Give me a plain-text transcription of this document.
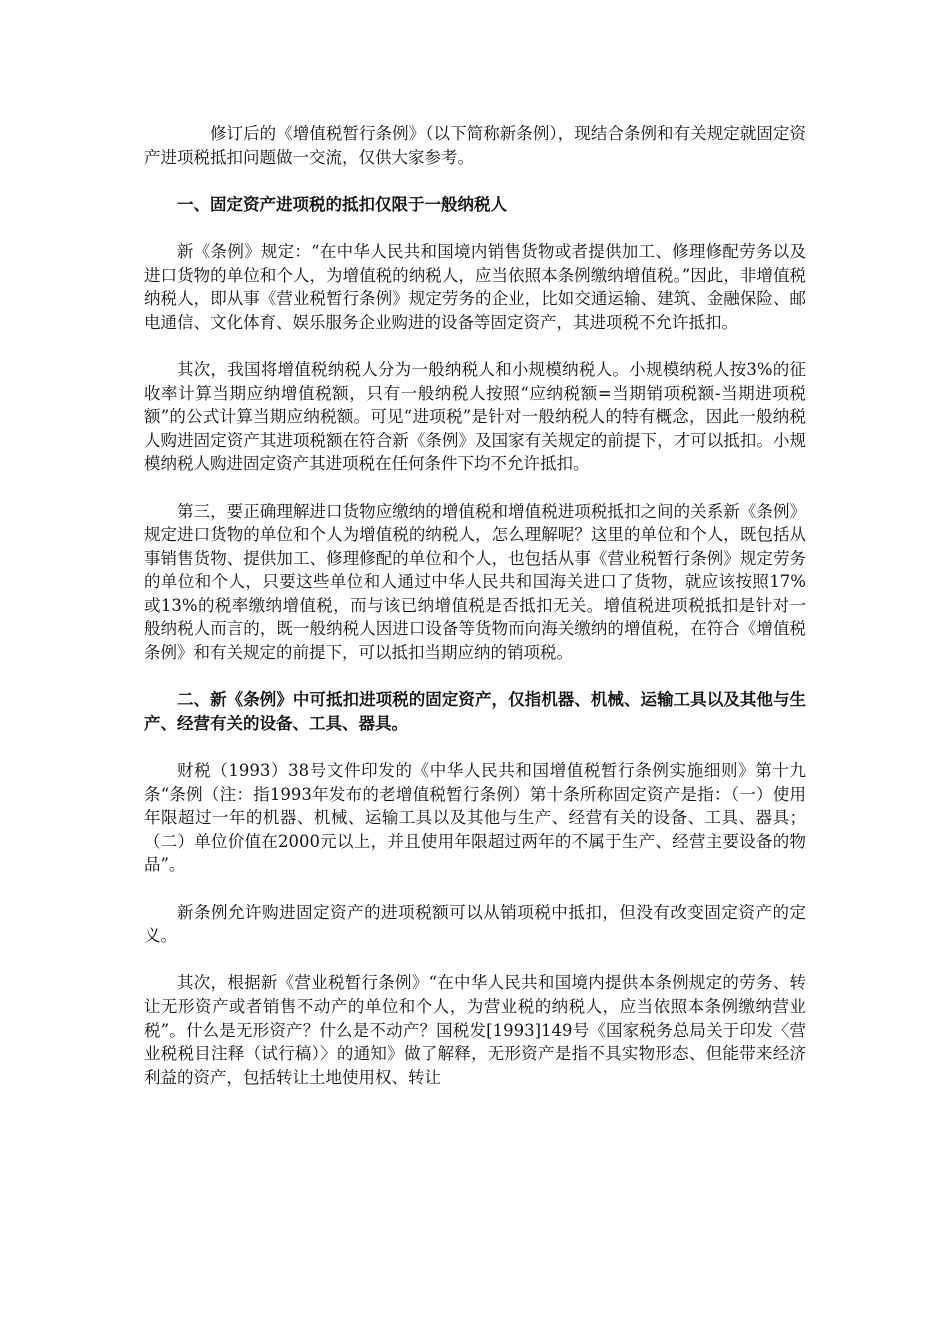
修订后的《增值税暂行条例》（以下简称新条例），现结合条例和有关规定就固定资产进项税抵扣问题做一交流，仅供大家参考。

一、固定资产进项税的抵扣仅限于一般纳税人

新《条例》规定：“在中华人民共和国境内销售货物或者提供加工、修理修配劳务以及进口货物的单位和个人，为增值税的纳税人，应当依照本条例缴纳增值税。”因此，非增值税纳税人，即从事《营业税暂行条例》规定劳务的企业，比如交通运输、建筑、金融保险、邮电通信、文化体育、娱乐服务企业购进的设备等固定资产，其进项税不允许抵扣。

其次，我国将增值税纳税人分为一般纳税人和小规模纳税人。小规模纳税人按3%的征收率计算当期应纳增值税额，只有一般纳税人按照“应纳税额=当期销项税额-当期进项税额”的公式计算当期应纳税额。可见“进项税”是针对一般纳税人的特有概念，因此一般纳税人购进固定资产其进项税额在符合新《条例》及国家有关规定的前提下，才可以抵扣。小规模纳税人购进固定资产其进项税在任何条件下均不允许抵扣。

第三，要正确理解进口货物应缴纳的增值税和增值税进项税抵扣之间的关系新《条例》规定进口货物的单位和个人为增值税的纳税人，怎么理解呢？这里的单位和个人，既包括从事销售货物、提供加工、修理修配的单位和个人，也包括从事《营业税暂行条例》规定劳务的单位和个人，只要这些单位和人通过中华人民共和国海关进口了货物，就应该按照17%或13%的税率缴纳增值税，而与该已纳增值税是否抵扣无关。增值税进项税抵扣是针对一般纳税人而言的，既一般纳税人因进口设备等货物而向海关缴纳的增值税，在符合《增值税条例》和有关规定的前提下，可以抵扣当期应纳的销项税。

二、新《条例》中可抵扣进项税的固定资产，仅指机器、机械、运输工具以及其他与生产、经营有关的设备、工具、器具。

财税（1993）38号文件印发的《中华人民共和国增值税暂行条例实施细则》第十九条“条例（注：指1993年发布的老增值税暂行条例）第十条所称固定资产是指：（一）使用年限超过一年的机器、机械、运输工具以及其他与生产、经营有关的设备、工具、器具；（二）单位价值在2000元以上，并且使用年限超过两年的不属于生产、经营主要设备的物品”。

新条例允许购进固定资产的进项税额可以从销项税中抵扣，但没有改变固定资产的定义。

其次，根据新《营业税暂行条例》“在中华人民共和国境内提供本条例规定的劳务、转让无形资产或者销售不动产的单位和个人，为营业税的纳税人，应当依照本条例缴纳营业税”。什么是无形资产？什么是不动产？国税发[1993]149号《国家税务总局关于印发〈营业税税目注释（试行稿）〉的通知》做了解释，无形资产是指不具实物形态、但能带来经济利益的资产，包括转让土地使用权、转让
